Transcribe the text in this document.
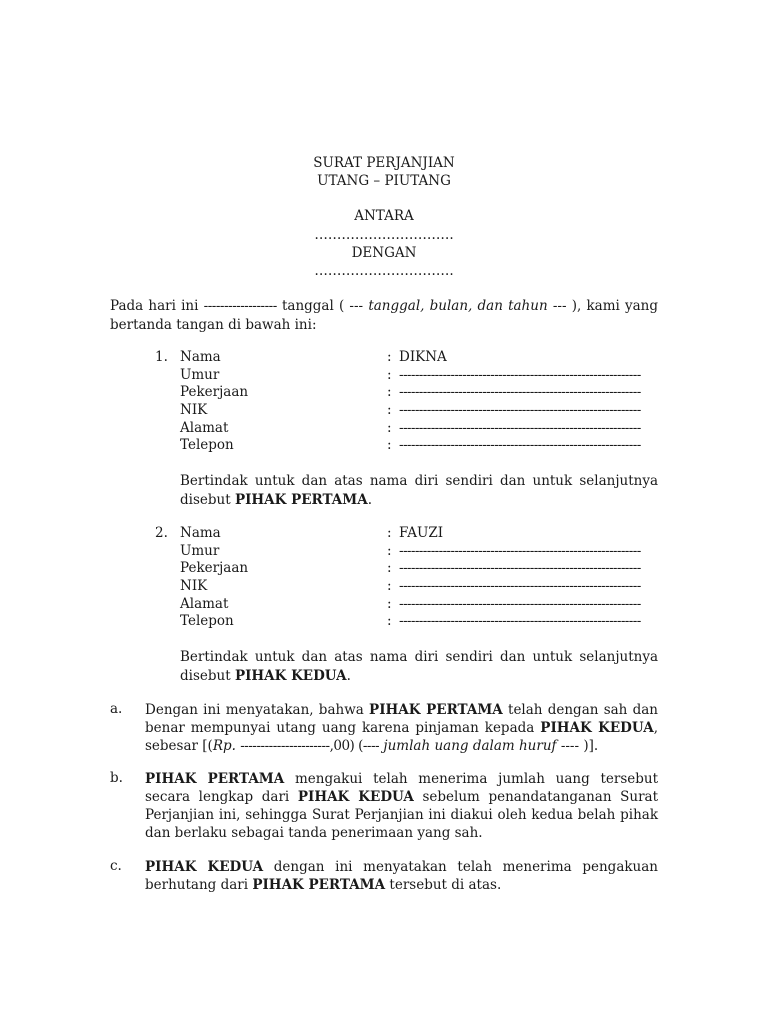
SURAT PERJANJIAN
UTANG – PIUTANG
ANTARA
………………………….
DENGAN
………………………….
Pada hari ini ------------------ tanggal ( --- tanggal, bulan, dan tahun --- ), kami yang bertanda tangan di bawah ini:
1. Nama	: DIKNA
Umur	: -------------------------------------------------------------
Pekerjaan	: -------------------------------------------------------------
NIK	: -------------------------------------------------------------
Alamat	: -------------------------------------------------------------
Telepon	: -------------------------------------------------------------
Bertindak untuk dan atas nama diri sendiri dan untuk selanjutnya disebut PIHAK PERTAMA.
2. Nama	: FAUZI
Umur	: -------------------------------------------------------------
Pekerjaan	: -------------------------------------------------------------
NIK	: -------------------------------------------------------------
Alamat	: -------------------------------------------------------------
Telepon	: -------------------------------------------------------------
Bertindak untuk dan atas nama diri sendiri dan untuk selanjutnya disebut PIHAK KEDUA.
a. Dengan ini menyatakan, bahwa PIHAK PERTAMA telah dengan sah dan benar mempunyai utang uang karena pinjaman kepada PIHAK KEDUA, sebesar [(Rp. ----------------------,00) (---- jumlah uang dalam huruf ---- )].
b. PIHAK PERTAMA mengakui telah menerima jumlah uang tersebut secara lengkap dari PIHAK KEDUA sebelum penandatanganan Surat Perjanjian ini, sehingga Surat Perjanjian ini diakui oleh kedua belah pihak dan berlaku sebagai tanda penerimaan yang sah.
c. PIHAK KEDUA dengan ini menyatakan telah menerima pengakuan berhutang dari PIHAK PERTAMA tersebut di atas.
